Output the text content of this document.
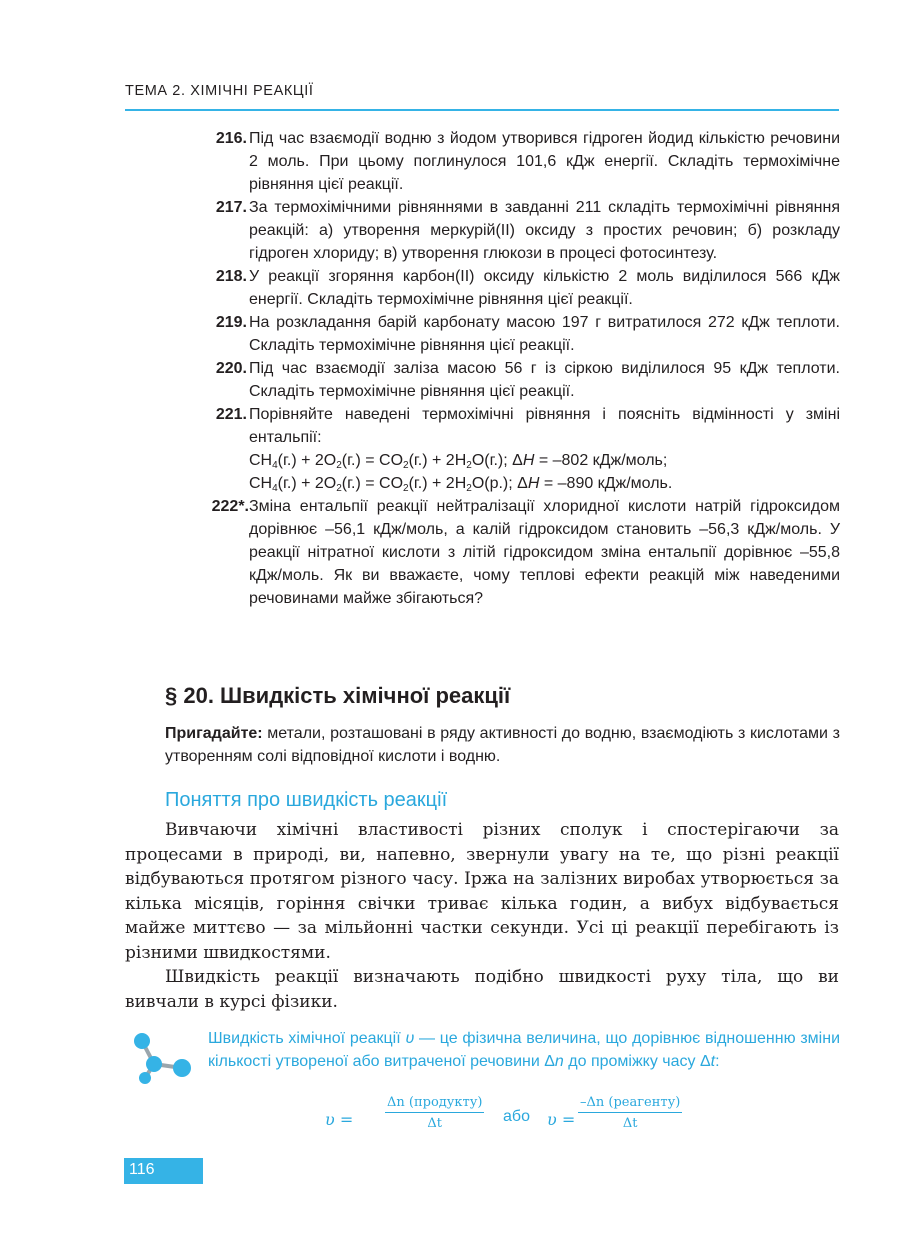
ТЕМА 2. ХІМІЧНІ РЕАКЦІЇ
216. Під час взаємодії водню з йодом утворився гідроген йодид кількістю речовини 2 моль. При цьому поглинулося 101,6 кДж енергії. Складіть термохімічне рівняння цієї реакції.
217. За термохімічними рівняннями в завданні 211 складіть термохімічні рівняння реакцій: а) утворення меркурій(II) оксиду з простих речовин; б) розкладу гідроген хлориду; в) утворення глюкози в процесі фотосинтезу.
218. У реакції згоряння карбон(II) оксиду кількістю 2 моль виділилося 566 кДж енергії. Складіть термохімічне рівняння цієї реакції.
219. На розкладання барій карбонату масою 197 г витратилося 272 кДж теплоти. Складіть термохімічне рівняння цієї реакції.
220. Під час взаємодії заліза масою 56 г із сіркою виділилося 95 кДж теплоти. Складіть термохімічне рівняння цієї реакції.
221. Порівняйте наведені термохімічні рівняння і поясніть відмінності у зміні ентальпії:
$CH_4(г.) + 2O_2(г.) = CO_2(г.) + 2H_2O(г.)$; ΔH = –802 кДж/моль;
$CH_4(г.) + 2O_2(г.) = CO_2(г.) + 2H_2O(р.)$; ΔH = –890 кДж/моль.
222*. Зміна ентальпії реакції нейтралізації хлоридної кислоти натрій гідроксидом дорівнює –56,1 кДж/моль, а калій гідроксидом становить –56,3 кДж/моль. У реакції нітратної кислоти з літій гідроксидом зміна ентальпії дорівнює –55,8 кДж/моль. Як ви вважаєте, чому теплові ефекти реакцій між наведеними речовинами майже збігаються?
§ 20. Швидкість хімічної реакції
Пригадайте: метали, розташовані в ряду активності до водню, взаємодіють з кислотами з утворенням солі відповідної кислоти і водню.
Поняття про швидкість реакції

Вивчаючи хімічні властивості різних сполук і спостерігаючи за процесами в природі, ви, напевно, звернули увагу на те, що різні реакції відбуваються протягом різного часу. Іржа на залізних виробах утворюється за кілька місяців, горіння свічки триває кілька годин, а вибух відбувається майже миттєво — за мільйонні частки секунди. Усі ці реакції перебігають із різними швидкостями.

Швидкість реакції визначають подібно швидкості руху тіла, що ви вивчали в курсі фізики.

Швидкість хімічної реакції υ — це фізична величина, що дорівнює відношенню зміни кількості утвореної або витраченої речовини Δn до проміжку часу Δt:
υ =
Δn (продукту)
Δt	або υ =
–Δn (реагенту)
Δt
116
